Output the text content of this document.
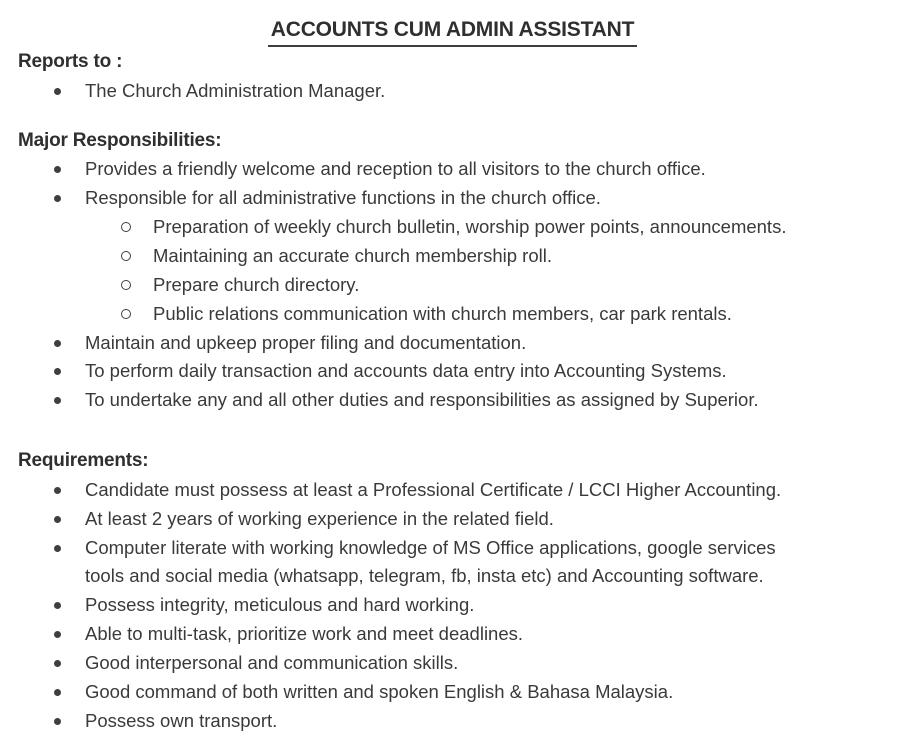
ACCOUNTS CUM ADMIN ASSISTANT
Reports to :
The Church Administration Manager.
Major Responsibilities:
Provides a friendly welcome and reception to all visitors to the church office.
Responsible for all administrative functions in the church office.
Preparation of weekly church bulletin, worship power points, announcements.
Maintaining an accurate church membership roll.
Prepare church directory.
Public relations communication with church members, car park rentals.
Maintain and upkeep proper filing and documentation.
To perform daily transaction and accounts data entry into Accounting Systems.
To undertake any and all other duties and responsibilities as assigned by Superior.
Requirements:
Candidate must possess at least a Professional Certificate / LCCI Higher Accounting.
At least 2 years of working experience in the related field.
Computer literate with working knowledge of MS Office applications, google services
tools and social media (whatsapp, telegram, fb, insta etc) and Accounting software.
Possess integrity, meticulous and hard working.
Able to multi-task, prioritize work and meet deadlines.
Good interpersonal and communication skills.
Good command of both written and spoken English & Bahasa Malaysia.
Possess own transport.
